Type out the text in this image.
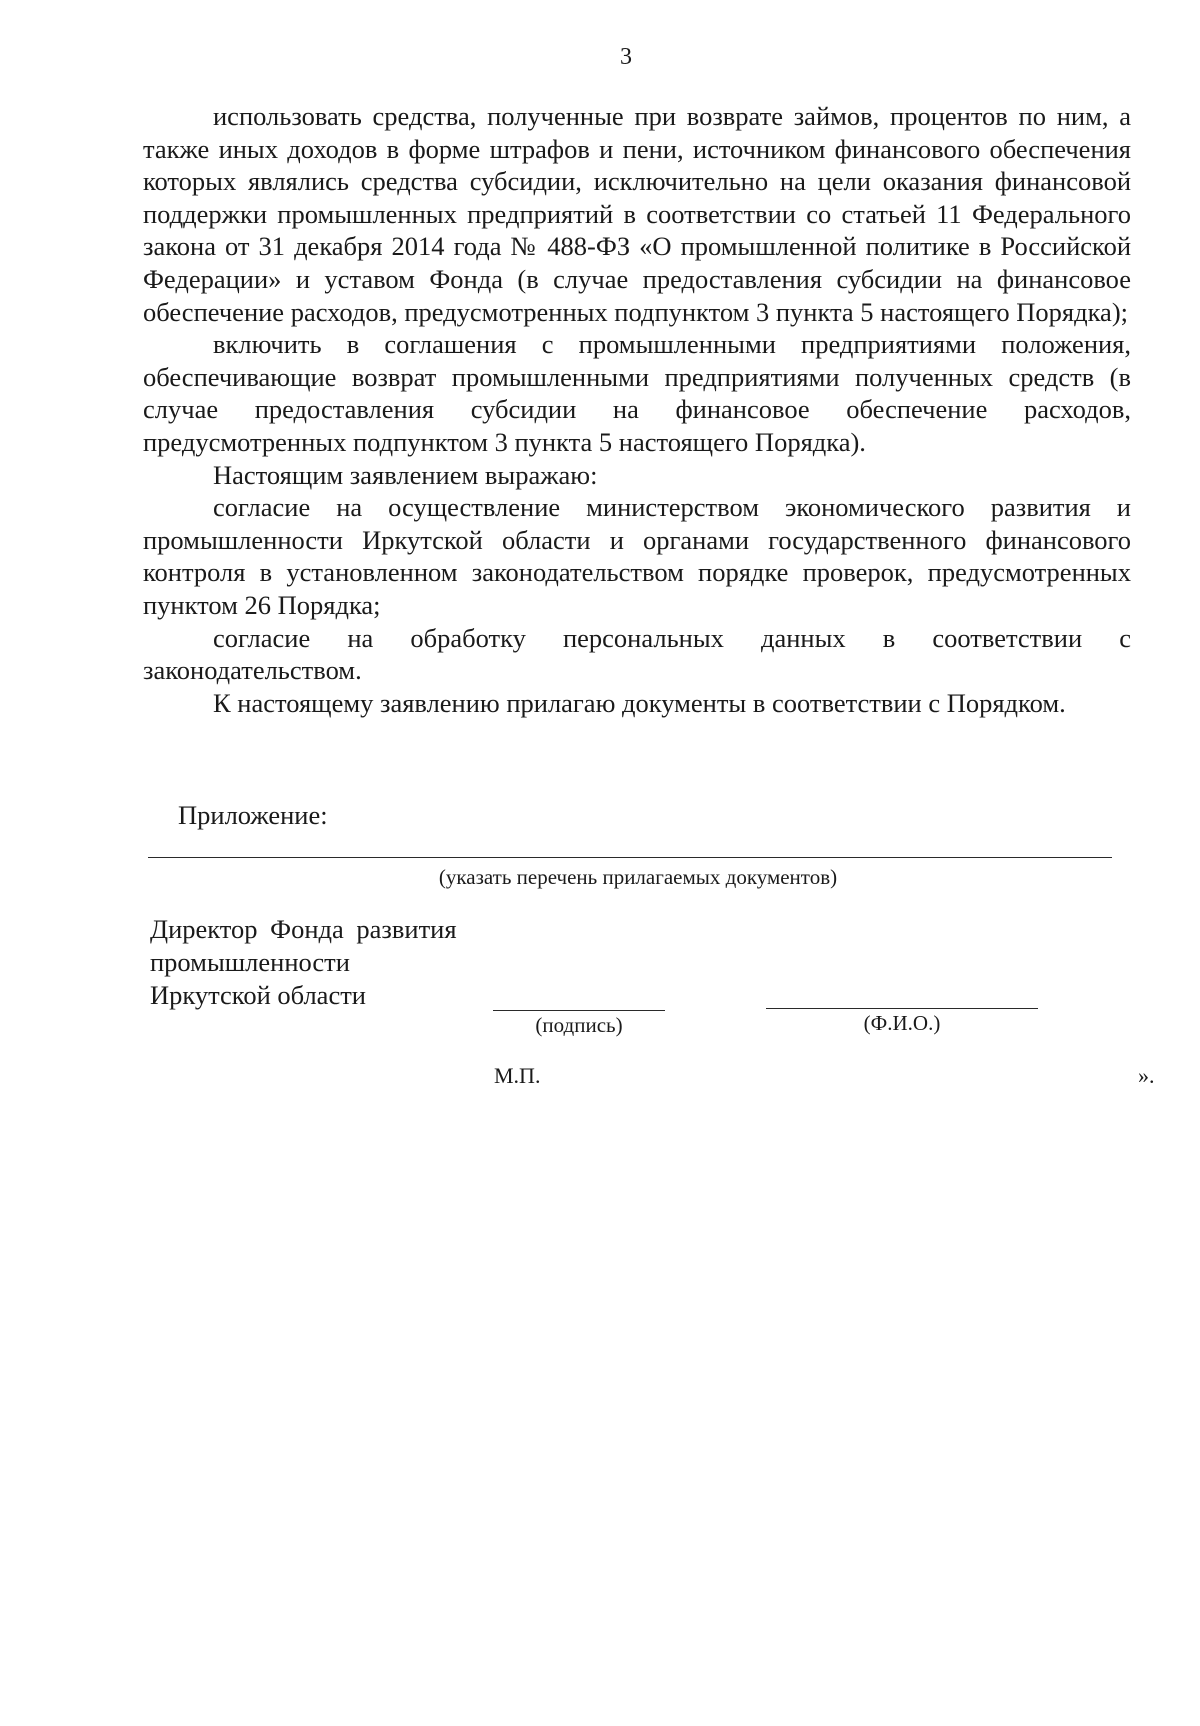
3

использовать средства, полученные при возврате займов, процентов по ним, а также иных доходов в форме штрафов и пени, источником финансового обеспечения которых являлись средства субсидии, исключительно на цели оказания финансовой поддержки промышленных предприятий в соответствии со статьей 11 Федерального закона от 31 декабря 2014 года № 488-ФЗ «О промышленной политике в Российской Федерации» и уставом Фонда (в случае предоставления субсидии на финансовое обеспечение расходов, предусмотренных подпунктом 3 пункта 5 настоящего Порядка);

включить в соглашения с промышленными предприятиями положения, обеспечивающие возврат промышленными предприятиями полученных средств (в случае предоставления субсидии на финансовое обеспечение расходов, предусмотренных подпунктом 3 пункта 5 настоящего Порядка).

Настоящим заявлением выражаю:

согласие на осуществление министерством экономического развития и промышленности Иркутской области и органами государственного финансового контроля в установленном законодательством порядке проверок, предусмотренных пунктом 26 Порядка;

согласие на обработку персональных данных в соответствии с законодательством.

К настоящему заявлению прилагаю документы в соответствии с Порядком.

Приложение:
(указать перечень прилагаемых документов)
Директор Фонда развития
промышленности
Иркутской области
(подпись)	(Ф.И.О.)
М.П.	».
